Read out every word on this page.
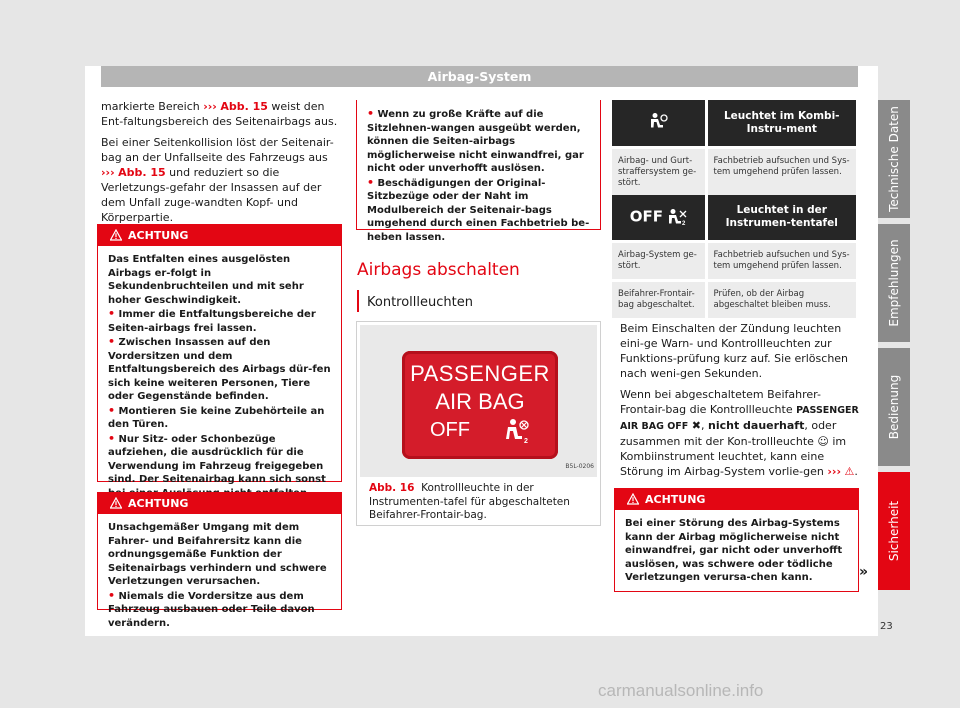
Airbag-System

markierte Bereich ››› Abb. 15 weist den Ent-faltungsbereich des Seitenairbags aus.

Bei einer Seitenkollision löst der Seitenair-bag an der Unfallseite des Fahrzeugs aus ››› Abb. 15 und reduziert so die Verletzungs-gefahr der Insassen auf der dem Unfall zuge-wandten Kopf- und Körperpartie.

ACHTUNG
Das Entfalten eines ausgelösten Airbags er-folgt in Sekundenbruchteilen und mit sehr hoher Geschwindigkeit.
• Immer die Entfaltungsbereiche der Seiten-airbags frei lassen.
• Zwischen Insassen auf den Vordersitzen und dem Entfaltungsbereich des Airbags dür-fen sich keine weiteren Personen, Tiere oder Gegenstände befinden.
• Montieren Sie keine Zubehörteile an den Türen.
• Nur Sitz- oder Schonbezüge aufziehen, die ausdrücklich für die Verwendung im Fahrzeug freigegeben sind. Der Seitenairbag kann sich sonst
ACHTUNG
Unsachgemäßer Umgang mit dem Fahrer- und Beifahrersitz kann die ordnungsgemäße Funktion der Seitenairbags verhindern und schwere Verletzungen verursachen.
• Niemals die Vordersitze aus dem Fahrzeug ausbauen oder Teile davon verändern.
• Wenn zu große Kräfte auf die Sitzlehnen-wangen ausgeübt werden, können die Seiten-airbags möglicherweise nicht einwandfrei, gar nicht oder unverhofft auslösen.
• Beschädigungen der Original-Sitzbezüge oder der Naht im Modulbereich der Seitenair-bags umgehend durch einen Fachbetrieb be-heben lassen.
Airbags abschalten
Kontrollleuchten
PASSENGER
AIR BAG
OFF
2
B5L-0206
Abb. 16 Kontrollleuchte in der Instrumenten-tafel für abgeschalteten Beifahrer-Frontair-bag.
	Leuchtet im Kombi-Instru-ment
Airbag- und Gurt-straffersystem ge-stört.	Fachbetrieb aufsuchen und Sys-tem umgehend prüfen lassen.
OFF 2	Leuchtet in der Instrumen-tentafel
Airbag-System ge-stört.	Fachbetrieb aufsuchen und Sys-tem umgehend prüfen lassen.
Beifahrer-Frontair-bag abgeschaltet.	Prüfen, ob der Airbag abgeschaltet bleiben muss.

Beim Einschalten der Zündung leuchten eini-ge Warn- und Kontrollleuchten zur Funktions-prüfung kurz auf. Sie erlöschen nach weni-gen Sekunden.

Wenn bei abgeschaltetem Beifahrer-Frontair-bag die Kontrollleuchte PASSENGER AIR BAG OFF ✖, nicht dauerhaft, oder zusammen mit der Kon-trollleuchte ☺ im Kombiinstrument leuchtet, kann eine Störung im Airbag-System vorlie-gen ››› ⚠.

ACHTUNG
Bei einer Störung des Airbag-Systems kann der Airbag möglicherweise nicht einwandfrei, gar nicht oder unverhofft auslösen, was schwere oder tödliche Verletzungen verursa-chen kann.	»
Technische Daten
Empfehlungen
Bedienung
Sicherheit
23
carmanualsonline.info
